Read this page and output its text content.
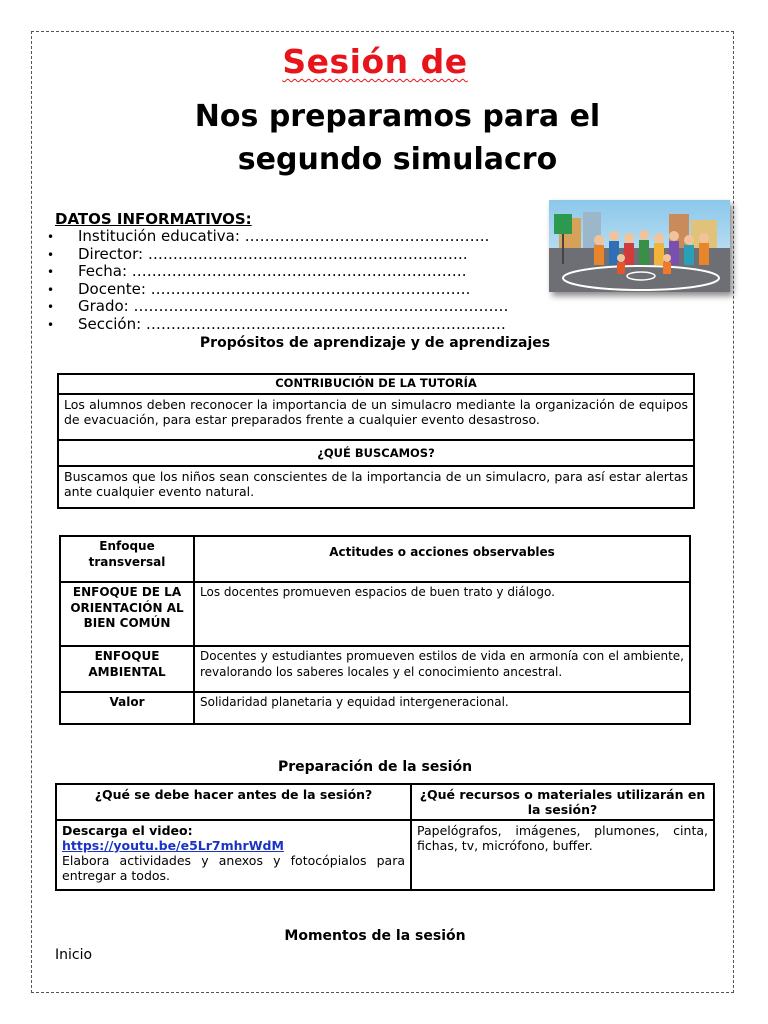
Sesión de
Nos preparamos para el
segundo simulacro
DATOS INFORMATIVOS:
• Institución educativa: ………………………………………….
• Director: ……………………………………………………….
• Fecha: ………………………………………………………….
• Docente: ……………………………………………………….
• Grado: …………………………………………………………………
• Sección: ………………………………………………………………
Propósitos de aprendizaje y de aprendizajes
CONTRIBUCIÓN DE LA TUTORÍA
Los alumnos deben reconocer la importancia de un simulacro mediante la organización de equipos de evacuación, para estar preparados frente a cualquier evento desastroso.
¿QUÉ BUSCAMOS?
Buscamos que los niños sean conscientes de la importancia de un simulacro, para así estar alertas ante cualquier evento natural.
Enfoque transversal	Actitudes o acciones observables
ENFOQUE DE LA ORIENTACIÓN AL BIEN COMÚN	Los docentes promueven espacios de buen trato y diálogo.
ENFOQUE AMBIENTAL	Docentes y estudiantes promueven estilos de vida en armonía con el ambiente, revalorando los saberes locales y el conocimiento ancestral.
Valor	Solidaridad planetaria y equidad intergeneracional.
Preparación de la sesión
¿Qué se debe hacer antes de la sesión?	¿Qué recursos o materiales utilizarán en la sesión?

Descarga el video:
https://youtu.be/e5Lr7mhrWdM
Elabora actividades y anexos y fotocópialos para entregar a todos.	Papelógrafos, imágenes, plumones, cinta, fichas, tv, micrófono, buffer.
Momentos de la sesión
Inicio
